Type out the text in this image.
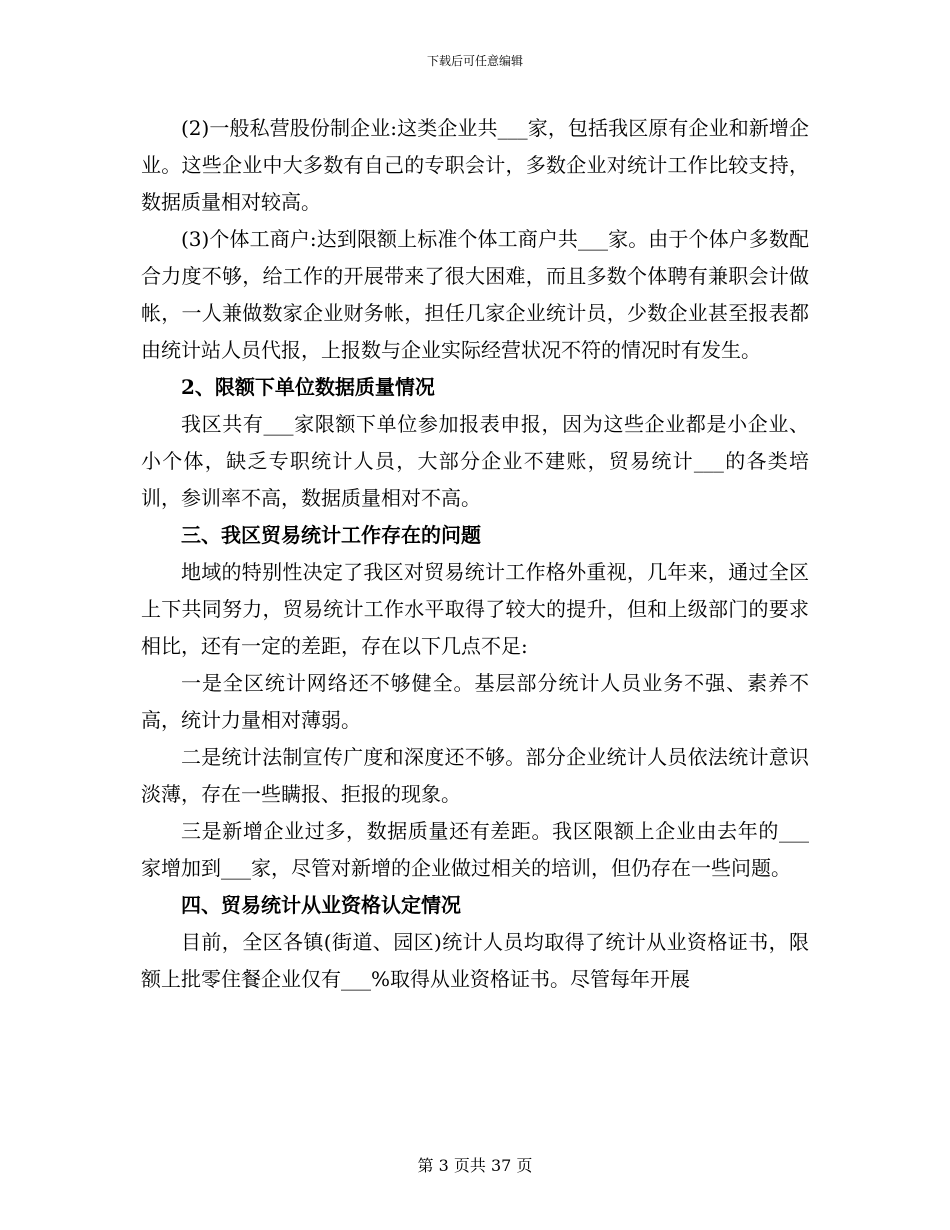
下载后可任意编辑

(2)一般私营股份制企业:这类企业共___家，包括我区原有企业和新增企业。这些企业中大多数有自己的专职会计，多数企业对统计工作比较支持，数据质量相对较高。

(3)个体工商户:达到限额上标准个体工商户共___家。由于个体户多数配合力度不够，给工作的开展带来了很大困难，而且多数个体聘有兼职会计做帐，一人兼做数家企业财务帐，担任几家企业统计员，少数企业甚至报表都由统计站人员代报，上报数与企业实际经营状况不符的情况时有发生。

2、限额下单位数据质量情况

我区共有___家限额下单位参加报表申报，因为这些企业都是小企业、小个体，缺乏专职统计人员，大部分企业不建账，贸易统计___的各类培训，参训率不高，数据质量相对不高。

三、我区贸易统计工作存在的问题

地域的特别性决定了我区对贸易统计工作格外重视，几年来，通过全区上下共同努力，贸易统计工作水平取得了较大的提升，但和上级部门的要求相比，还有一定的差距，存在以下几点不足:

一是全区统计网络还不够健全。基层部分统计人员业务不强、素养不高，统计力量相对薄弱。

二是统计法制宣传广度和深度还不够。部分企业统计人员依法统计意识淡薄，存在一些瞒报、拒报的现象。

三是新增企业过多，数据质量还有差距。我区限额上企业由去年的___家增加到___家，尽管对新增的企业做过相关的培训，但仍存在一些问题。

四、贸易统计从业资格认定情况

目前，全区各镇(街道、园区)统计人员均取得了统计从业资格证书，限额上批零住餐企业仅有___%取得从业资格证书。尽管每年开展

第 3 页共 37 页
